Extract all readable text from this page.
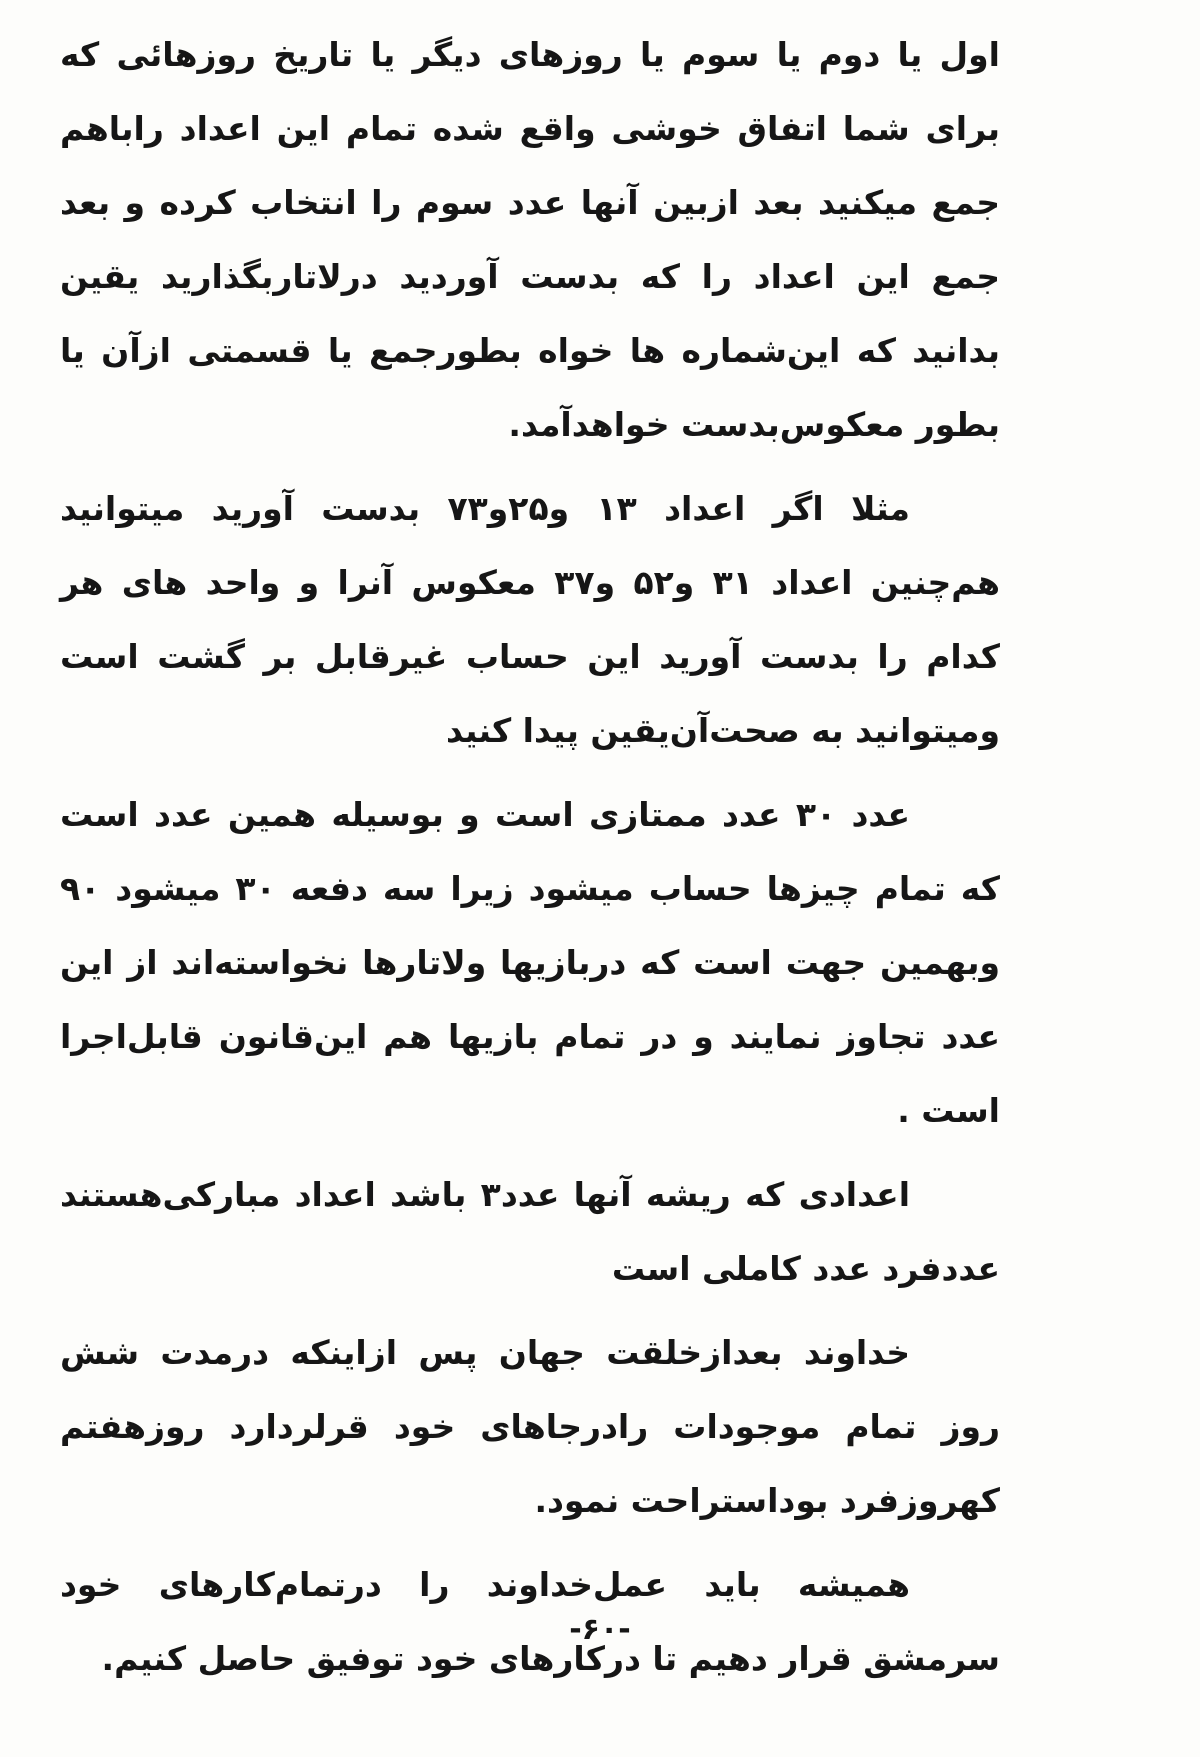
اول یا دوم یا سوم یا روزهای دیگر یا تاریخ روزهائی که برای شما اتفاق خوشی واقع شده تمام این اعداد راباهم جمع میکنید بعد ازبین آنها عدد سوم را انتخاب کرده و بعد جمع این اعداد را که بدست آوردید درلاتاربگذارید یقین بدانید که این‌شماره ها خواه بطورجمع یا قسمتی ازآن یا بطور معکوس‌بدست خواهدآمد.

مثلا اگر اعداد ۱۳ و۲۵و۷۳ بدست آورید میتوانید هم‌چنین اعداد ۳۱ و۵۲ و۳۷ معکوس آنرا و واحد های هر کدام را بدست آورید این حساب غیرقابل بر گشت است ومیتوانید به صحت‌آن‌یقین پیدا کنید

عدد ۳۰ عدد ممتازی است و بوسیله همین عدد است که تمام چیزها حساب میشود زیرا سه دفعه ۳۰ میشود ۹۰ وبهمین جهت است که دربازیها ولاتارها نخواسته‌اند از این عدد تجاوز نمایند و در تمام بازیها هم این‌قانون قابل‌اجرا است .

اعدادی که ریشه آنها عدد۳ باشد اعداد مبارکی‌هستند عددفرد عدد کاملی است

خداوند بعدازخلقت جهان پس ازاینکه درمدت شش روز تمام موجودات رادرجاهای خود قرلردارد روزهفتم کهروزفرد بوداستراحت نمود.

همیشه باید عمل‌خداوند را درتمام‌کارهای خود سرمشق قرار دهیم تا درکارهای خود توفیق حاصل کنیم.

-۶۰-
